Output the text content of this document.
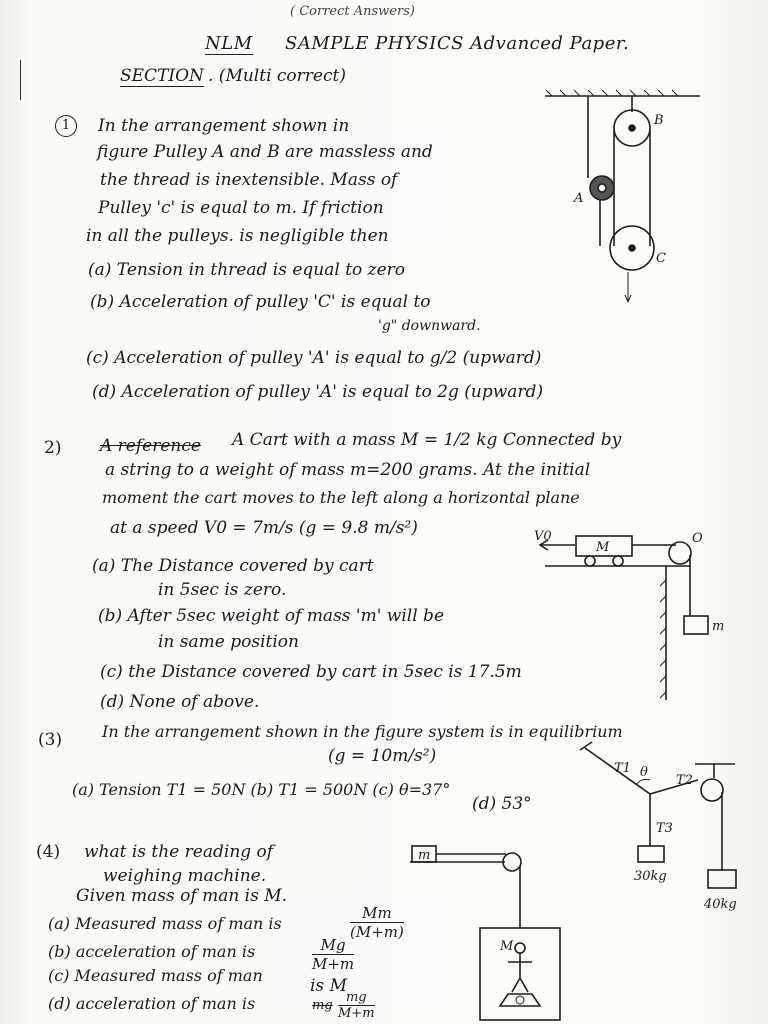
( Correct Answers)
NLM SAMPLE PHYSICS Advanced Paper.
SECTION . (Multi correct)
1	In the arrangement shown in
figure Pulley A and B are massless and
the thread is inextensible. Mass of
Pulley 'c' is equal to m. If friction
in all the pulleys. is negligible then
(a) Tension in thread is equal to zero
(b) Acceleration of pulley 'C' is equal to
'g" downward.
(c) Acceleration of pulley 'A' is equal to g/2 (upward)
(d) Acceleration of pulley 'A' is equal to 2g (upward)
2) A reference A Cart with a mass M = 1/2 kg Connected by
a string to a weight of mass m=200 grams. At the initial
moment the cart moves to the left along a horizontal plane
at a speed V0 = 7m/s (g = 9.8 m/s²)
(a) The Distance covered by cart
in 5sec is zero.
(b) After 5sec weight of mass 'm' will be
in same position
(c) the Distance covered by cart in 5sec is 17.5m
(d) None of above.
(3) In the arrangement shown in the figure system is in equilibrium
(g = 10m/s²)
(a) Tension T1 = 50N (b) T1 = 500N (c) θ=37°
(d) 53°
(4) what is the reading of
weighing machine.
Given mass of man is M.
(a) Measured mass of man is	$\frac{Mm}{(M+m)}$
(b) acceleration of man is	$\frac{Mg}{M+m}$
(c) Measured mass of man
is M
(d) acceleration of man is	mg $\frac{mg}{M+m}$
A
B
C
V0
M
O
m
T1 θ
T2
T3
30kg
40kg
m
M
